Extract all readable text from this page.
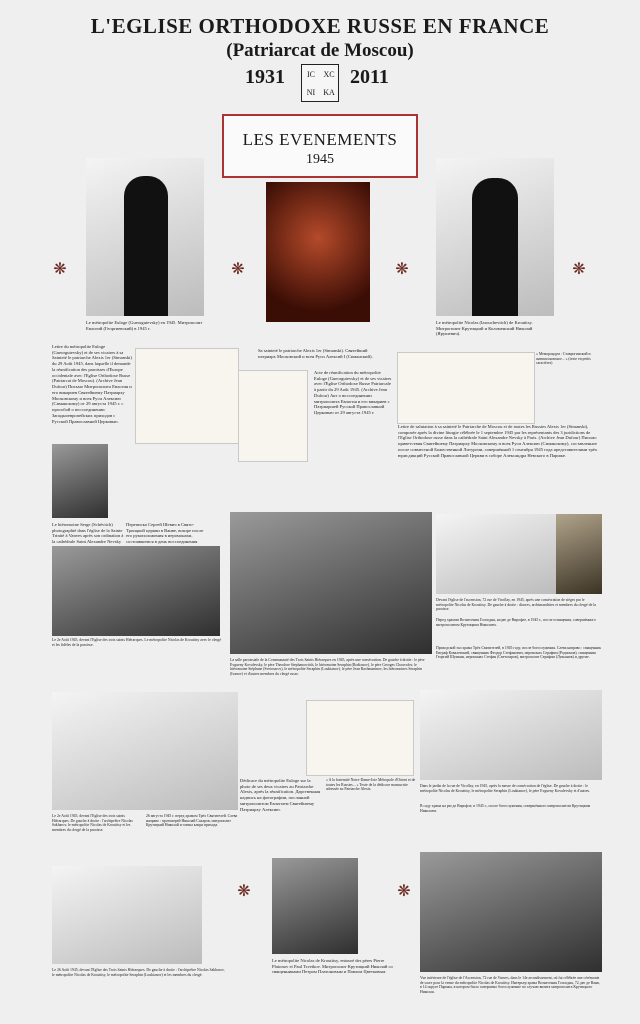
L'EGLISE ORTHODOXE RUSSE EN FRANCE
(Patriarcat de Moscou)
1931	IC	XC
NI	KA
2011
LES EVENEMENTS
1945
Le métropolite Euloge (Gueorguievsky) en 1945. Митрополит Евлогий (Георгиевский) в 1945 г.
Le métropolite Nicolas (Iarouchevitch) de Kroutitsy. Митрополит Крутицкий и Коломенский Николай (Ярушевич).
❋	❋	❋	❋
Lettre du métropolite Euloge (Gueorguievsky) et de ses vicaires à sa Sainteté le patriarche Alexis 1er (Simanski) du 29 Août 1945, dans laquelle il demande la réunification des paroisses d'Europe occidentale avec l'Eglise Orthodoxe Russe (Patriarcat de Moscou). (Archive Jean Dufour) Письмо Митрополита Евлогия и его викариев Святейшему Патриарху Московскому и всея Руси Алексию (Симанскому) от 29 августа 1945 г. с просьбой о воссоединении Западноевропейских приходов с Русской Православной Церковью.
Sa sainteté le patriarche Alexis 1er (Simanski). Святейший патриарх Московский и всея Руси Алексий I (Симанский).
Acte de réunification du métropolite Euloge (Gueorguievsky) et de ses vicaires avec l'Eglise Orthodoxe Russe Patriarcale à partir du 29 Août 1945. (Archive Jean Dufour) Акт о воссоединении митрополита Евлогия и его викариев с Патриаршей Русской Православной Церковью от 29 августа 1945 г.
« Меморандум : Ставрогинский и антимосковское... » (texte en petits caractères)
Lettre de salutation à sa sainteté le Patriarche de Moscou et de toutes les Russies Alexis 1er (Simanski), composée après la divine liturgie célébrée le 1 septembre 1945 par les représentants des 3 juridictions de l'Eglise Orthodoxe russe dans la cathédrale Saint Alexandre Nevsky à Paris. (Archive Jean Dufour) Письмо приветствия Святейшему Патриарху Московскому и всея Руси Алексию (Симанскому), составленное после совместной Божественной Литургии, совершённой 1 сентября 1945 года представителями трёх юрисдикций Русской Православной Церкви в соборе Александра Невского в Париже.
Le hiéromoine Serge (Schévitch) photographié dans l'église de la Sainte Trinité à Vanves après son ordination à la cathédrale Saint Alexandre Nevsky
Переписка Сергей Шевич в Свято-Троицкой церкви в Ванве, вскоре после его рукоположения в иеромонахи, состоявшемся в день воссоединения
Devant l'église de l'ascension, 72 rue de Viroflay, en 1945, après une consécration de sièges par le métropolite Nicolas de Kroutitsy. De gauche à droite : diacres, archimandrites et membres du clergé de la paroisse.
Перед храмом Вознесения Господня, на рю де Вирофле, в 1945 г., после освящения, совершённого митрополитом Крутицким Николаем.
Le 2e Août 1945, devant l'Eglise des trois saints Hiérarques. Le métropolite Nicolas de Kroutitsy avec le clergé et les fidèles de la paroisse.
La salle paroissiale de la Communauté des Trois Saints Hiérarques en 1945, après une consécration. De gauche à droite : le père Evgueny Kovalevsky, le père Theodore Stephanowitch, le hiéromoine Seraphin (Rodionov), le père Georges Chouvalov, le hiéromoine Stéphane (Svetosarov), le métropolite Seraphin (Loukianov), le père Jean Rachmaninov, les hiéromoines Seraphin (Ivanov) et d'autres membres du clergé russe.
Приходской зал храма Трёх Святителей, в 1945 году, после богослужения. Слева направо : священник Евграф Ковалевский, священник Феодор Стефанович, иеромонах Серафим (Родионов), священник Георгий Шумкин, иеромонах Стефан (Светозаров), митрополит Серафим (Лукьянов) и другие.
Le 2e Août 1945, devant l'Eglise des trois saints Hiérarques. De gauche à droite : l'archiprêtre Nicolas Sakharov, le métropolite Nicolas de Kroutitsy et les membres du clergé de la paroisse.
26 августа 1945 г. перед храмом Трёх Святителей. Слева направо : протоиерей Николай Сахаров, митрополит Крутицкий Николай и члены клира прихода.
Dédicace du métropolite Euloge sur la photo de ses deux vicaires au Patriarche Alexis, après la réunification. Дарственная надпись на фотографии, посланной митрополитом Евлогием Святейшему Патриарху Алексию.
« A la fraternité Notre-Dame-Joie Métropole d'Orient et de toutes les Russies... » Texte de la dédicace manuscrite adressée au Patriarche Alexis.
Dans le jardin de la rue de Viroflay, en 1945, après la messe de consécration de l'église. De gauche à droite : le métropolite Nicolas de Kroutitsy, le métropolite Seraphin (Loukianov), le père Evgueny Kovalevsky et d'autres.
В саду храма на рю де Вирофле, в 1945 г., после богослужения, совершённого митрополитом Крутицким Николаем.
Le 26 Août 1945, devant l'Eglise des Trois Saints Hiérarques. De gauche à droite : l'archiprêtre Nicolas Sakharov, le métropolite Nicolas de Kroutitsy, le métropolite Seraphin (Loukianov) et les membres du clergé.
Le métropolite Nicolas de Kroutitsy, entouré des pères Pierre Platonov et Paul Tsvetkov. Митрополит Крутицкий Николай со священниками Петром Платоновым и Павлом Цветковым.
Vue intérieure de l'église de l'Ascension, 72 rue de Vanves, dans le 14e arrondissement, où fut célébrée une cérémonie de sacre pour la venue du métropolite Nicolas de Kroutitsy. Интерьер храма Вознесения Господня, 72, рю де Ванв, в 14 округе Парижа, в котором было совершено богослужение по случаю визита митрополита Крутицкого Николая.
❋	❋
